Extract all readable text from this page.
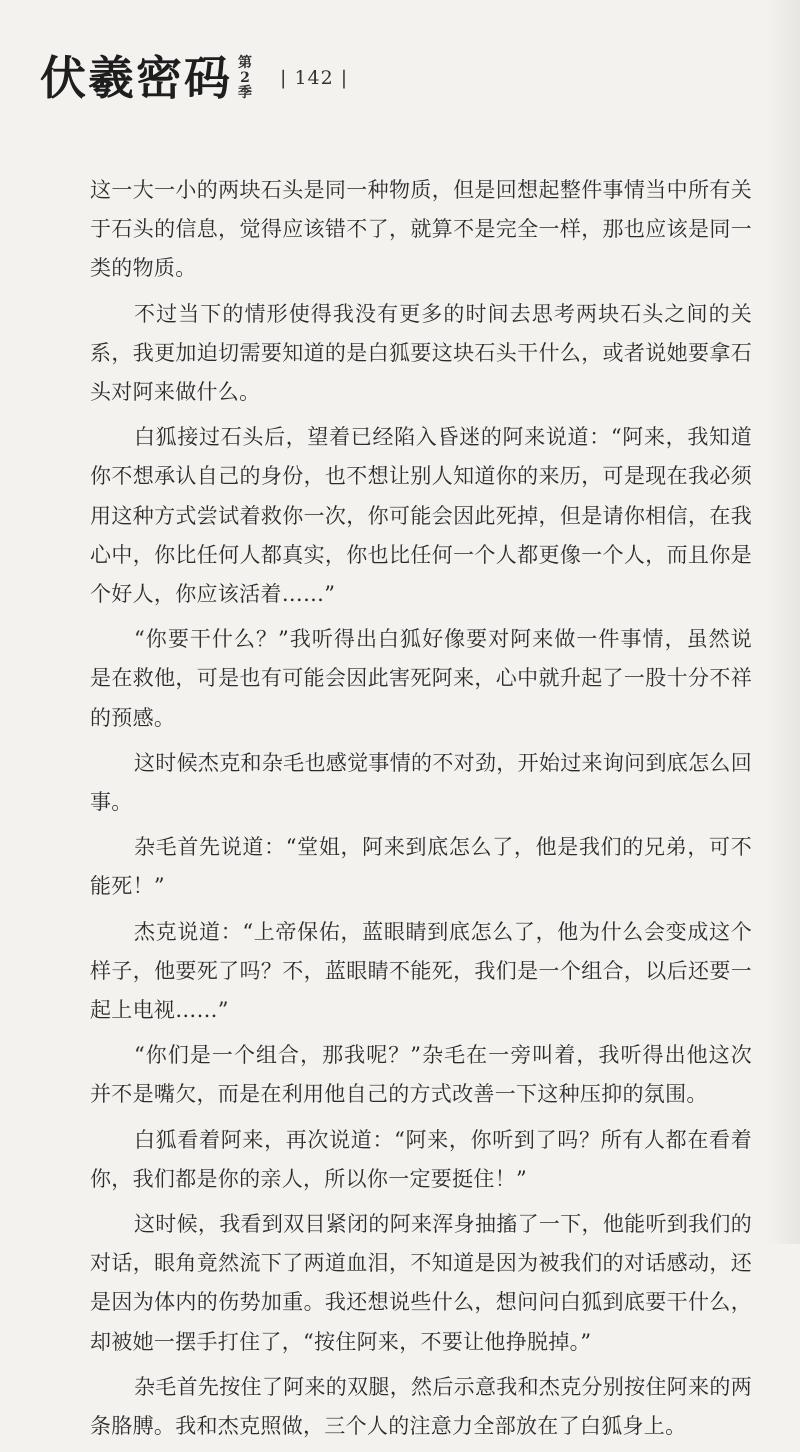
伏羲密码 第
2
季
| 142 |

这一大一小的两块石头是同一种物质，但是回想起整件事情当中所有关于石头的信息，觉得应该错不了，就算不是完全一样，那也应该是同一类的物质。

不过当下的情形使得我没有更多的时间去思考两块石头之间的关系，我更加迫切需要知道的是白狐要这块石头干什么，或者说她要拿石头对阿来做什么。

白狐接过石头后，望着已经陷入昏迷的阿来说道：“阿来，我知道你不想承认自己的身份，也不想让别人知道你的来历，可是现在我必须用这种方式尝试着救你一次，你可能会因此死掉，但是请你相信，在我心中，你比任何人都真实，你也比任何一个人都更像一个人，而且你是个好人，你应该活着……”

“你要干什么？”我听得出白狐好像要对阿来做一件事情，虽然说是在救他，可是也有可能会因此害死阿来，心中就升起了一股十分不祥的预感。

这时候杰克和杂毛也感觉事情的不对劲，开始过来询问到底怎么回事。

杂毛首先说道：“堂姐，阿来到底怎么了，他是我们的兄弟，可不能死！”

杰克说道：“上帝保佑，蓝眼睛到底怎么了，他为什么会变成这个样子，他要死了吗？不，蓝眼睛不能死，我们是一个组合，以后还要一起上电视……”

“你们是一个组合，那我呢？”杂毛在一旁叫着，我听得出他这次并不是嘴欠，而是在利用他自己的方式改善一下这种压抑的氛围。

白狐看着阿来，再次说道：“阿来，你听到了吗？所有人都在看着你，我们都是你的亲人，所以你一定要挺住！”

这时候，我看到双目紧闭的阿来浑身抽搐了一下，他能听到我们的对话，眼角竟然流下了两道血泪，不知道是因为被我们的对话感动，还是因为体内的伤势加重。我还想说些什么，想问问白狐到底要干什么，却被她一摆手打住了，“按住阿来，不要让他挣脱掉。”

杂毛首先按住了阿来的双腿，然后示意我和杰克分别按住阿来的两条胳膊。我和杰克照做，三个人的注意力全部放在了白狐身上。
